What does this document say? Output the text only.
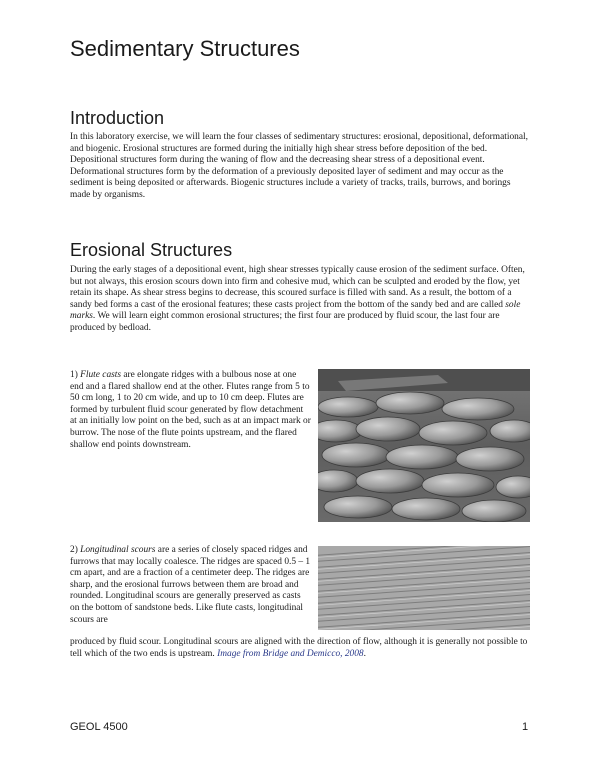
Sedimentary Structures
Introduction

In this laboratory exercise, we will learn the four classes of sedimentary structures: erosional, depositional, deformational, and biogenic. Erosional structures are formed during the initially high shear stress before deposition of the bed. Depositional structures form during the waning of flow and the decreasing shear stress of a depositional event. Deformational structures form by the deformation of a previously deposited layer of sediment and may occur as the sediment is being deposited or afterwards. Biogenic structures include a variety of tracks, trails, burrows, and borings made by organisms.

Erosional Structures

During the early stages of a depositional event, high shear stresses typically cause erosion of the sediment surface. Often, but not always, this erosion scours down into firm and cohesive mud, which can be sculpted and eroded by the flow, yet retain its shape. As shear stress begins to decrease, this scoured surface is filled with sand. As a result, the bottom of a sandy bed forms a cast of the erosional features; these casts project from the bottom of the sandy bed and are called sole marks. We will learn eight common erosional structures; the first four are produced by fluid scour, the last four are produced by bedload.

1) Flute casts are elongate ridges with a bulbous nose at one end and a flared shallow end at the other. Flutes range from 5 to 50 cm long, 1 to 20 cm wide, and up to 10 cm deep. Flutes are formed by turbulent fluid scour generated by flow detachment at an initially low point on the bed, such as at an impact mark or burrow. The nose of the flute points upstream, and the flared shallow end points downstream.

2) Longitudinal scours are a series of closely spaced ridges and furrows that may locally coalesce. The ridges are spaced 0.5 – 1 cm apart, and are a fraction of a centimeter deep. The ridges are sharp, and the erosional furrows between them are broad and rounded. Longitudinal scours are generally preserved as casts on the bottom of sandstone beds. Like flute casts, longitudinal scours are

produced by fluid scour. Longitudinal scours are aligned with the direction of flow, although it is generally not possible to tell which of the two ends is upstream. Image from Bridge and Demicco, 2008.

GEOL 4500	1
